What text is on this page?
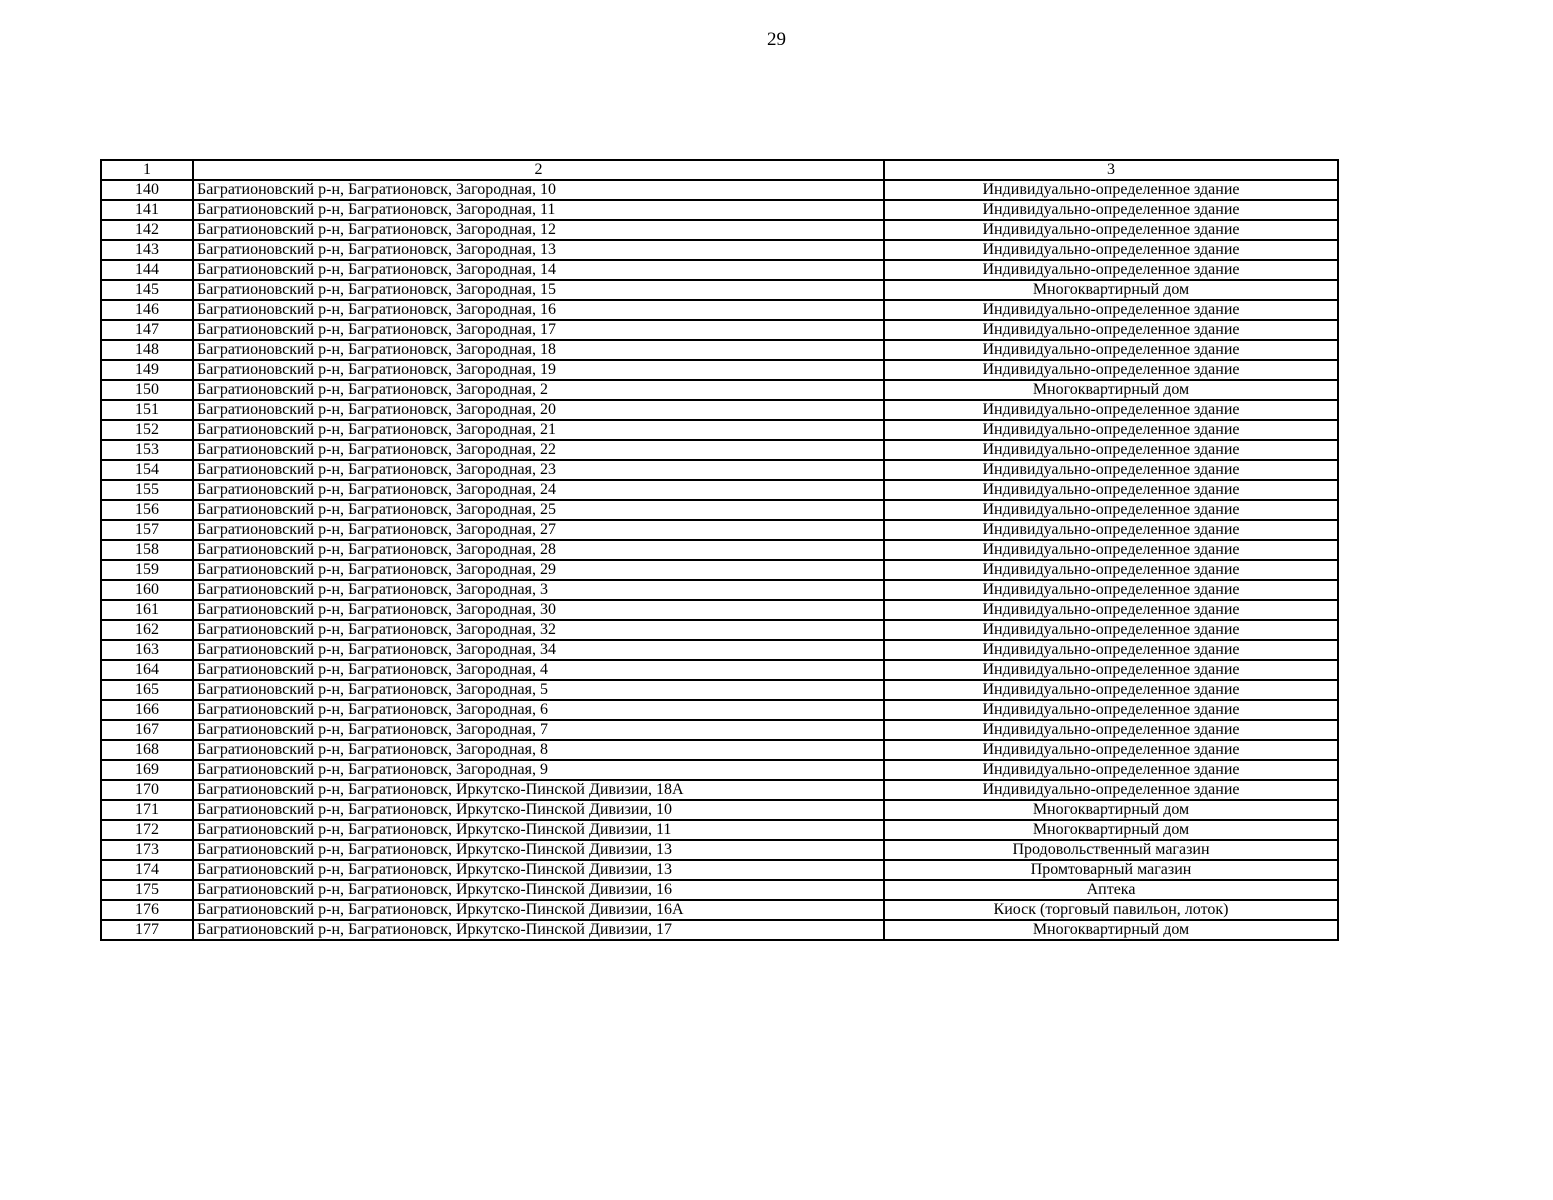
29
1	2	3
140	Багратионовский р-н, Багратионовск, Загородная, 10	Индивидуально-определенное здание
141	Багратионовский р-н, Багратионовск, Загородная, 11	Индивидуально-определенное здание
142	Багратионовский р-н, Багратионовск, Загородная, 12	Индивидуально-определенное здание
143	Багратионовский р-н, Багратионовск, Загородная, 13	Индивидуально-определенное здание
144	Багратионовский р-н, Багратионовск, Загородная, 14	Индивидуально-определенное здание
145	Багратионовский р-н, Багратионовск, Загородная, 15	Многоквартирный дом
146	Багратионовский р-н, Багратионовск, Загородная, 16	Индивидуально-определенное здание
147	Багратионовский р-н, Багратионовск, Загородная, 17	Индивидуально-определенное здание
148	Багратионовский р-н, Багратионовск, Загородная, 18	Индивидуально-определенное здание
149	Багратионовский р-н, Багратионовск, Загородная, 19	Индивидуально-определенное здание
150	Багратионовский р-н, Багратионовск, Загородная, 2	Многоквартирный дом
151	Багратионовский р-н, Багратионовск, Загородная, 20	Индивидуально-определенное здание
152	Багратионовский р-н, Багратионовск, Загородная, 21	Индивидуально-определенное здание
153	Багратионовский р-н, Багратионовск, Загородная, 22	Индивидуально-определенное здание
154	Багратионовский р-н, Багратионовск, Загородная, 23	Индивидуально-определенное здание
155	Багратионовский р-н, Багратионовск, Загородная, 24	Индивидуально-определенное здание
156	Багратионовский р-н, Багратионовск, Загородная, 25	Индивидуально-определенное здание
157	Багратионовский р-н, Багратионовск, Загородная, 27	Индивидуально-определенное здание
158	Багратионовский р-н, Багратионовск, Загородная, 28	Индивидуально-определенное здание
159	Багратионовский р-н, Багратионовск, Загородная, 29	Индивидуально-определенное здание
160	Багратионовский р-н, Багратионовск, Загородная, 3	Индивидуально-определенное здание
161	Багратионовский р-н, Багратионовск, Загородная, 30	Индивидуально-определенное здание
162	Багратионовский р-н, Багратионовск, Загородная, 32	Индивидуально-определенное здание
163	Багратионовский р-н, Багратионовск, Загородная, 34	Индивидуально-определенное здание
164	Багратионовский р-н, Багратионовск, Загородная, 4	Индивидуально-определенное здание
165	Багратионовский р-н, Багратионовск, Загородная, 5	Индивидуально-определенное здание
166	Багратионовский р-н, Багратионовск, Загородная, 6	Индивидуально-определенное здание
167	Багратионовский р-н, Багратионовск, Загородная, 7	Индивидуально-определенное здание
168	Багратионовский р-н, Багратионовск, Загородная, 8	Индивидуально-определенное здание
169	Багратионовский р-н, Багратионовск, Загородная, 9	Индивидуально-определенное здание
170	Багратионовский р-н, Багратионовск, Иркутско-Пинской Дивизии, 18А	Индивидуально-определенное здание
171	Багратионовский р-н, Багратионовск, Иркутско-Пинской Дивизии, 10	Многоквартирный дом
172	Багратионовский р-н, Багратионовск, Иркутско-Пинской Дивизии, 11	Многоквартирный дом
173	Багратионовский р-н, Багратионовск, Иркутско-Пинской Дивизии, 13	Продовольственный магазин
174	Багратионовский р-н, Багратионовск, Иркутско-Пинской Дивизии, 13	Промтоварный магазин
175	Багратионовский р-н, Багратионовск, Иркутско-Пинской Дивизии, 16	Аптека
176	Багратионовский р-н, Багратионовск, Иркутско-Пинской Дивизии, 16А	Киоск (торговый павильон, лоток)
177	Багратионовский р-н, Багратионовск, Иркутско-Пинской Дивизии, 17	Многоквартирный дом
